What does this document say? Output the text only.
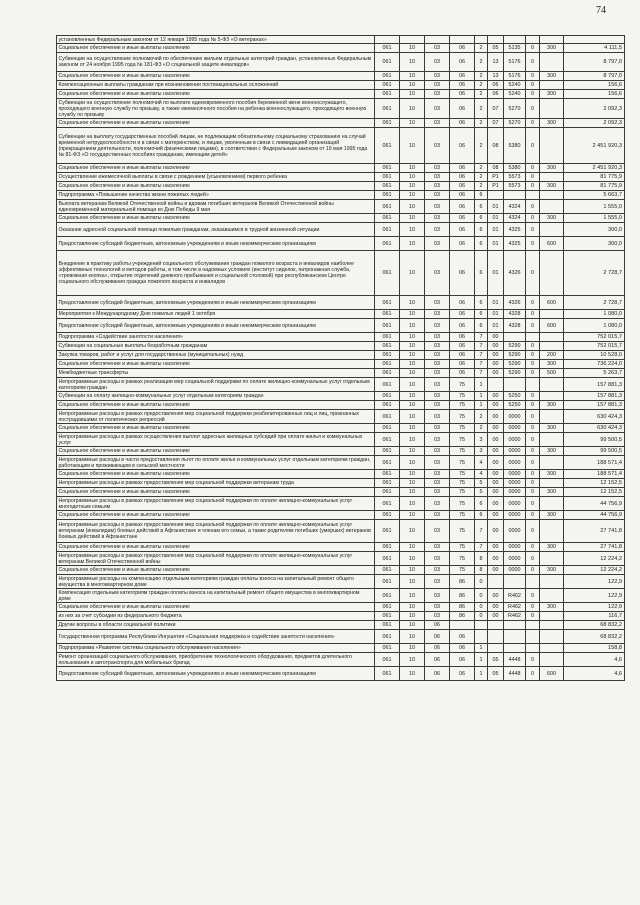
74
установленных Федеральным законом от 12 января 1995 года № 5-ФЗ «О ветеранах»										
Социальное обеспечение и иные выплаты населению	061	10	03	06	2	05	5135	0	300	4 111,5
Субвенции на осуществление полномочий по обеспечению жильем отдельных категорий граждан, установленных Федеральным законом от 24 ноября 1995 года № 181-ФЗ «О социальной защите инвалидов»	061	10	03	06	2	13	5176	0		8 797,0
Социальное обеспечение и иные выплаты населению	061	10	03	06	2	13	5176	0	300	8 797,0
Компенсационные выплаты гражданам при возникновении поствакцинальных осложнений	061	10	03	06	2	06	5240	0		156,6
Социальное обеспечение и иные выплаты населению	061	10	03	06	2	06	5240	0	300	156,6
Субвенции на осуществление полномочий по выплате единовременного пособия беременной жене военнослужащего, проходящего военную службу по призыву, а также ежемесячного пособия на ребенка военнослужащего, проходящего военную службу по призыву	061	10	03	06	2	07	5270	0		2 092,3
Социальное обеспечение и иные выплаты населению	061	10	03	06	2	07	5270	0	300	2 092,3
Субвенции на выплату государственных пособий лицам, не подлежащим обязательному социальному страхованию на случай временной нетрудоспособности и в связи с материнством, и лицам, уволенным в связи с ликвидацией организаций (прекращением деятельности, полномочий физическими лицами), в соответствии с Федеральным законом от 19 мая 1995 года № 81-ФЗ «О государственных пособиях гражданам, имеющим детей»	061	10	03	06	2	08	5380	0		2 451 920,3
Социальное обеспечение и иные выплаты населению	061	10	03	06	2	08	5380	0	300	2 451 920,3
Осуществление ежемесячной выплаты в связи с рождением (усыновлением) первого ребенка	061	10	03	06	2	P1	5573	0		81 775,9
Социальное обеспечение и иные выплаты населению	061	10	03	06	2	P1	5573	0	300	81 775,9
Подпрограмма «Повышение качества жизни пожилых людей»	061	10	03	06	6					5 663,7
Выплата ветеранам Великой Отечественной войны и вдовам погибших ветеранов Великой Отечественной войны единовременной материальной помощи ко Дню Победы 9 мая	061	10	03	06	6	01	4324	0		1 555,0
Социальное обеспечение и иные выплаты населению	061	10	03	06	6	01	4324	0	300	1 555,0
Оказание адресной социальной помощи пожилым гражданам, оказавшимся в трудной жизненной ситуации	061	10	03	06	6	01	4325	0		300,0
Предоставление субсидий бюджетным, автономным учреждениям и иным некоммерческим организациям	061	10	03	06	6	01	4325	0	600	300,0
Внедрение в практику работы учреждений социального обслуживания граждан пожилого возраста и инвалидов наиболее эффективных технологий и методов работы, в том числе в надомных условиях (институт сиделок, патронажная служба, «тревожная кнопка», открытие отделений дневного пребывания и социальной столовой) при республиканском Центре социального обслуживания граждан пожилого возраста и инвалидов	061	10	03	06	6	01	4326	0		2 728,7
Предоставление субсидий бюджетным, автономным учреждениям и иным некоммерческим организациям	061	10	03	06	6	01	4326	0	600	2 728,7
Мероприятия к Международному Дню пожилых людей 1 октября	061	10	03	06	6	01	4328	0		1 080,0
Предоставление субсидий бюджетным, автономным учреждениям и иным некоммерческим организациям	061	10	03	06	6	01	4328	0	600	1 080,0
Подпрограмма «Содействие занятости населения»	061	10	03	06	7	00				752 015,7
Субвенции на социальные выплаты безработным гражданам	061	10	03	06	7	00	5290	0		752 015,7
Закупка товаров, работ и услуг для государственных (муниципальных) нужд	061	10	03	06	7	00	5290	0	200	10 528,0
Социальное обеспечение и иные выплаты населению	061	10	03	06	7	00	5290	0	300	736 224,0
Межбюджетные трансферты	061	10	03	06	7	00	5290	0	500	5 263,7
Непрограммные расходы в рамках реализации мер социальной поддержки по оплате жилищно-коммунальных услуг отдельным категориям граждан	061	10	03	75	1					157 881,3
Субвенции на оплату жилищно-коммунальных услуг отдельным категориям граждан	061	10	03	75	1	00	5250	0		157 881,3
Социальное обеспечение и иные выплаты населению	061	10	03	75	1	00	5250	0	300	157 881,3
Непрограммные расходы в рамках предоставления мер социальной поддержки реабилитированных лиц и лиц, признанных пострадавшими от политических репрессий	061	10	03	75	2	00	0000	0		630 424,3
Социальное обеспечение и иные выплаты населению	061	10	03	75	2	00	0000	0	300	630 424,3
Непрограммные расходы в рамках осуществления выплат адресных жилищных субсидий при оплате жилья и коммунальных услуг	061	10	03	75	3	00	0000	0		99 500,5
Социальное обеспечение и иные выплаты населению	061	10	03	75	3	00	0000	0	300	99 500,5
Непрограммные расходы в части предоставления льгот по оплате жилья и коммунальных услуг отдельным категориям граждан, работающим и проживающим в сельской местности	061	10	03	75	4	00	0000	0		188 571,4
Социальное обеспечение и иные выплаты населению	061	10	03	75	4	00	0000	0	300	188 571,4
Непрограммные расходы в рамках предоставления мер социальной поддержки ветеранам труда	061	10	03	75	5	00	0000	0		12 152,5
Социальное обеспечение и иные выплаты населению	061	10	03	75	5	00	0000	0	300	12 152,5
Непрограммные расходы в рамках предоставления мер социальной поддержки по оплате жилищно-коммунальных услуг многодетным семьям	061	10	03	75	6	00	0000	0		44 756,9
Социальное обеспечение и иные выплаты населению	061	10	03	75	6	00	0000	0	300	44 756,9
Непрограммные расходы в рамках предоставления мер социальной поддержки по оплате жилищно-коммунальных услуг ветеранам (инвалидам) боевых действий в Афганистане и членам его семьи, а также родителям погибших (умерших) ветеранов боевых действий в Афганистане	061	10	03	75	7	00	0000	0		27 741,8
Социальное обеспечение и иные выплаты населению	061	10	03	75	7	00	0000	0	300	27 741,8
Непрограммные расходы в рамках предоставления мер социальной поддержки по оплате жилищно-коммунальных услуг ветеранам Великой Отечественной войны	061	10	03	75	8	00	0000	0		12 224,2
Социальное обеспечение и иные выплаты населению	061	10	03	75	8	00	0000	0	300	12 224,2
Непрограммные расходы на компенсацию отдельным категориям граждан оплаты взноса на капитальный ремонт общего имущества в многоквартирном доме	061	10	03	86	0					122,9
Компенсация отдельным категориям граждан оплаты взноса на капитальный ремонт общего имущества в многоквартирном доме	061	10	03	86	0	00	R462	0		122,9
Социальное обеспечение и иные выплаты населению	061	10	03	86	0	00	R462	0	300	122,9
из них за счет субсидии из федерального бюджета	061	10	03	86	0	00	R462	0		116,7
Другие вопросы в области социальной политики	061	10	06							68 832,2
Государственная программа Республики Ингушетия «Социальная поддержка и содействие занятости населения»	061	10	06	06						68 832,2
Подпрограмма «Развитие системы социального обслуживания населения»	061	10	06	06	1					158,8
Ремонт организаций социального обслуживания, приобретение технологического оборудования, предметов длительного пользования и автотранспорта для мобильных бригад	061	10	06	06	1	05	4448	0		4,6
Предоставление субсидий бюджетным, автономным учреждениям и иным некоммерческим организациям	061	10	06	06	1	05	4448	0	600	4,6
